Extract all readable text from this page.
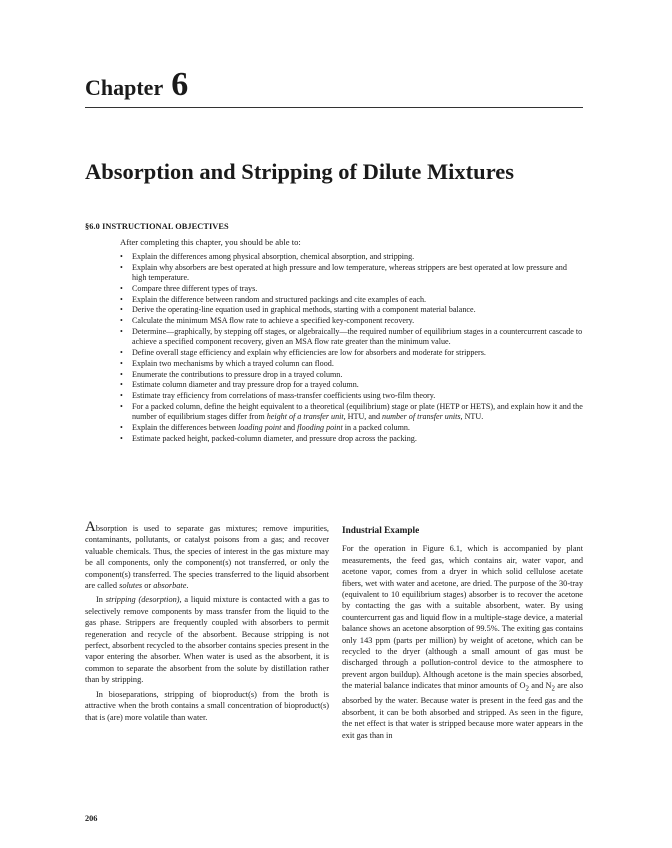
Chapter 6
Absorption and Stripping of Dilute Mixtures
§6.0 INSTRUCTIONAL OBJECTIVES
After completing this chapter, you should be able to:
• Explain the differences among physical absorption, chemical absorption, and stripping.
• Explain why absorbers are best operated at high pressure and low temperature, whereas strippers are best operated at low pressure and high temperature.
• Compare three different types of trays.
• Explain the difference between random and structured packings and cite examples of each.
• Derive the operating-line equation used in graphical methods, starting with a component material balance.
• Calculate the minimum MSA flow rate to achieve a specified key-component recovery.
• Determine—graphically, by stepping off stages, or algebraically—the required number of equilibrium stages in a countercurrent cascade to achieve a specified component recovery, given an MSA flow rate greater than the minimum value.
• Define overall stage efficiency and explain why efficiencies are low for absorbers and moderate for strippers.
• Explain two mechanisms by which a trayed column can flood.
• Enumerate the contributions to pressure drop in a trayed column.
• Estimate column diameter and tray pressure drop for a trayed column.
• Estimate tray efficiency from correlations of mass-transfer coefficients using two-film theory.
• For a packed column, define the height equivalent to a theoretical (equilibrium) stage or plate (HETP or HETS), and explain how it and the number of equilibrium stages differ from height of a transfer unit, HTU, and number of transfer units, NTU.
• Explain the differences between loading point and flooding point in a packed column.
• Estimate packed height, packed-column diameter, and pressure drop across the packing.

Absorption is used to separate gas mixtures; remove impurities, contaminants, pollutants, or catalyst poisons from a gas; and recover valuable chemicals. Thus, the species of interest in the gas mixture may be all components, only the component(s) not transferred, or only the component(s) transferred. The species transferred to the liquid absorbent are called solutes or absorbate.

In stripping (desorption), a liquid mixture is contacted with a gas to selectively remove components by mass transfer from the liquid to the gas phase. Strippers are frequently coupled with absorbers to permit regeneration and recycle of the absorbent. Because stripping is not perfect, absorbent recycled to the absorber contains species present in the vapor entering the absorber. When water is used as the absorbent, it is common to separate the absorbent from the solute by distillation rather than by stripping.

In bioseparations, stripping of bioproduct(s) from the broth is attractive when the broth contains a small concentration of bioproduct(s) that is (are) more volatile than water.

Industrial Example

For the operation in Figure 6.1, which is accompanied by plant measurements, the feed gas, which contains air, water vapor, and acetone vapor, comes from a dryer in which solid cellulose acetate fibers, wet with water and acetone, are dried. The purpose of the 30-tray (equivalent to 10 equilibrium stages) absorber is to recover the acetone by contacting the gas with a suitable absorbent, water. By using countercurrent gas and liquid flow in a multiple-stage device, a material balance shows an acetone absorption of 99.5%. The exiting gas contains only 143 ppm (parts per million) by weight of acetone, which can be recycled to the dryer (although a small amount of gas must be discharged through a pollution-control device to the atmosphere to prevent argon buildup). Although acetone is the main species absorbed, the material balance indicates that minor amounts of $O_2$ and $N_2$ are also absorbed by the water. Because water is present in the feed gas and the absorbent, it can be both absorbed and stripped. As seen in the figure, the net effect is that water is stripped because more water appears in the exit gas than in

206
